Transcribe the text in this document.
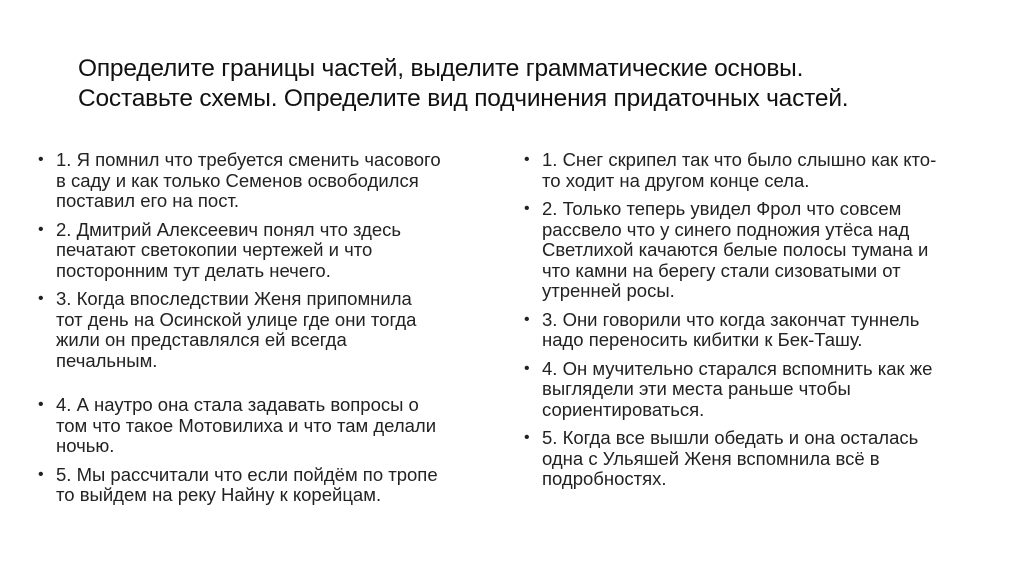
Определите границы частей, выделите грамматические основы.
Составьте схемы. Определите вид подчинения придаточных частей.
• 1. Я помнил что требуется сменить часового
в саду и как только Семенов освободился
поставил его на пост.
• 2. Дмитрий Алексеевич понял что здесь
печатают светокопии чертежей и что
посторонним тут делать нечего.
• 3. Когда впоследствии Женя припомнила
тот день на Осинской улице где они тогда
жили он представлялся ей всегда
печальным.
• 4. А наутро она стала задавать вопросы о
том что такое Мотовилиха и что там делали
ночью.
• 5. Мы рассчитали что если пойдём по тропе
то выйдем на реку Найну к корейцам.
• 1. Снег скрипел так что было слышно как кто-
то ходит на другом конце села.
• 2. Только теперь увидел Фрол что совсем
рассвело что у синего подножия утёса над
Светлихой качаются белые полосы тумана и
что камни на берегу стали сизоватыми от
утренней росы.
• 3. Они говорили что когда закончат туннель
надо переносить кибитки к Бек-Ташу.
• 4. Он мучительно старался вспомнить как же
выглядели эти места раньше чтобы
сориентироваться.
• 5. Когда все вышли обедать и она осталась
одна с Ульяшей Женя вспомнила всё в
подробностях.
